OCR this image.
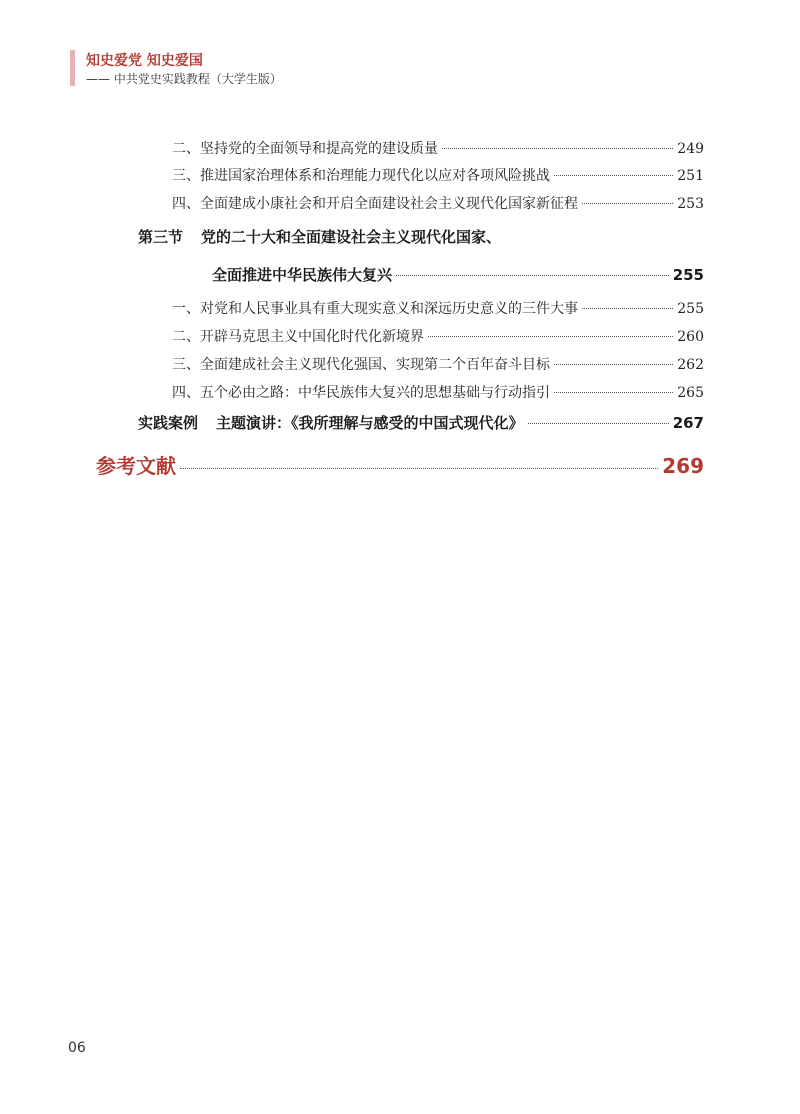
知史爱党 知史爱国
—— 中共党史实践教程（大学生版）
二、坚持党的全面领导和提高党的建设质量	249
三、推进国家治理体系和治理能力现代化以应对各项风险挑战	251
四、全面建成小康社会和开启全面建设社会主义现代化国家新征程	253
第三节 党的二十大和全面建设社会主义现代化国家、
全面推进中华民族伟大复兴	255
一、对党和人民事业具有重大现实意义和深远历史意义的三件大事	255
二、开辟马克思主义中国化时代化新境界	260
三、全面建成社会主义现代化强国、实现第二个百年奋斗目标	262
四、五个必由之路：中华民族伟大复兴的思想基础与行动指引	265
实践案例 主题演讲：《我所理解与感受的中国式现代化》	267
参考文献	269
06
